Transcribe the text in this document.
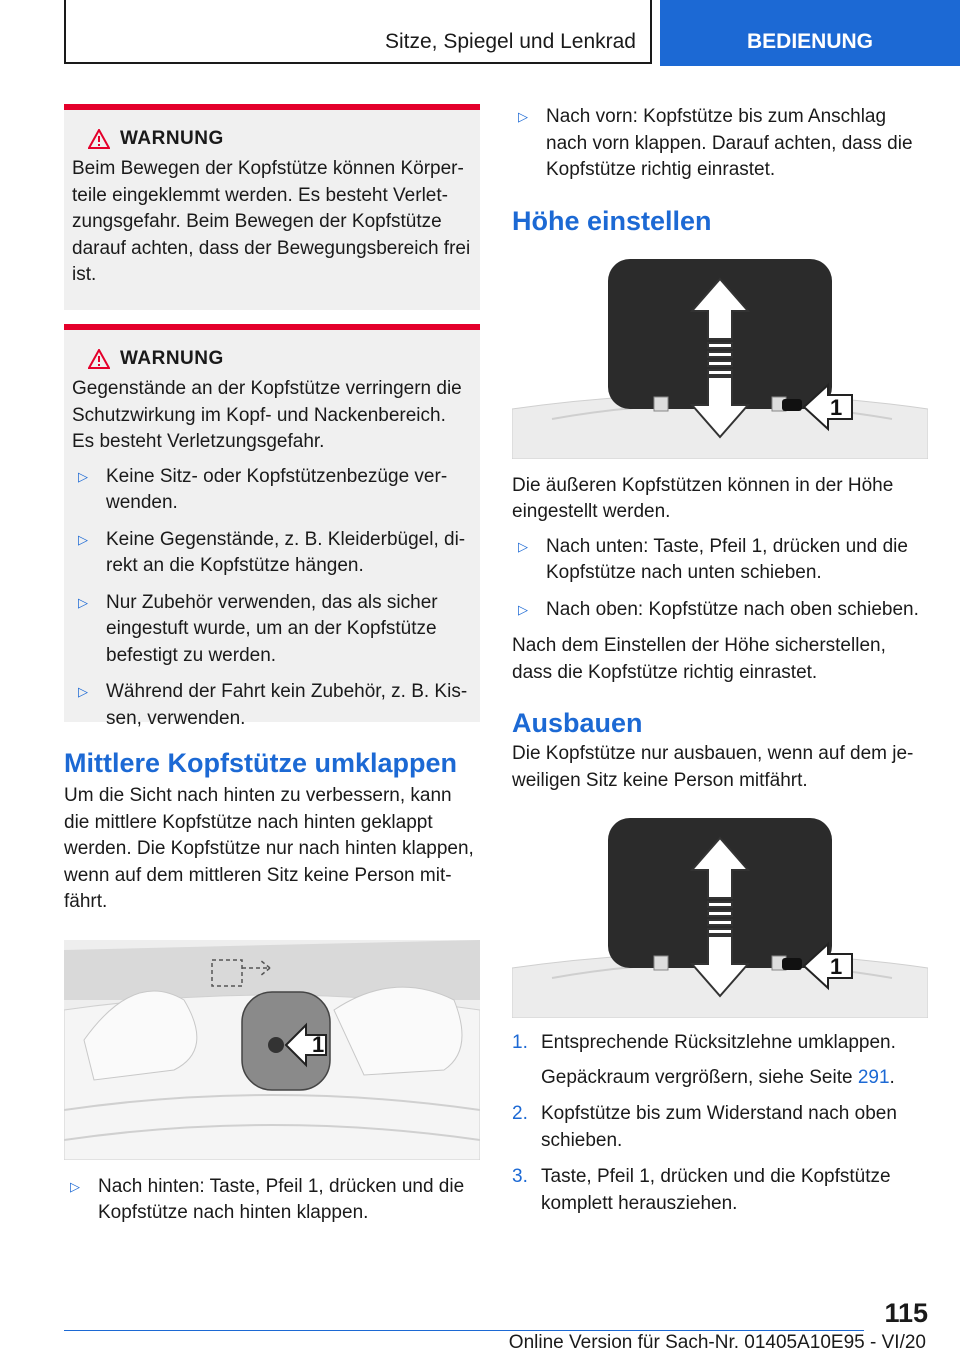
Sitze, Spiegel und Lenkrad	BEDIENUNG
WARNUNG

Beim Bewegen der Kopfstütze können Körperteile eingeklemmt werden. Es besteht Verletzungsgefahr. Beim Bewegen der Kopfstütze darauf achten, dass der Bewegungsbereich frei ist.

WARNUNG

Gegenstände an der Kopfstütze verringern die Schutzwirkung im Kopf- und Nackenbereich. Es besteht Verletzungsgefahr.

▷ Keine Sitz- oder Kopfstützenbezüge verwenden.
▷ Keine Gegenstände, z. B. Kleiderbügel, direkt an die Kopfstütze hängen.
▷ Nur Zubehör verwenden, das als sicher eingestuft wurde, um an der Kopfstütze befestigt zu werden.
▷ Während der Fahrt kein Zubehör, z. B. Kissen, verwenden.
Mittlere Kopfstütze umklappen

Um die Sicht nach hinten zu verbessern, kann die mittlere Kopfstütze nach hinten geklappt werden. Die Kopfstütze nur nach hinten klappen, wenn auf dem mittleren Sitz keine Person mitfährt.

1
▷ Nach hinten: Taste, Pfeil 1, drücken und die Kopfstütze nach hinten klappen.
▷ Nach vorn: Kopfstütze bis zum Anschlag nach vorn klappen. Darauf achten, dass die Kopfstütze richtig einrastet.
Höhe einstellen
1

Die äußeren Kopfstützen können in der Höhe eingestellt werden.

▷ Nach unten: Taste, Pfeil 1, drücken und die Kopfstütze nach unten schieben.
▷ Nach oben: Kopfstütze nach oben schieben.

Nach dem Einstellen der Höhe sicherstellen, dass die Kopfstütze richtig einrastet.

Ausbauen

Die Kopfstütze nur ausbauen, wenn auf dem jeweiligen Sitz keine Person mitfährt.

1
1. Entsprechende Rücksitzlehne umklappen.
Gepäckraum vergrößern, siehe Seite 291.
2. Kopfstütze bis zum Widerstand nach oben schieben.
3. Taste, Pfeil 1, drücken und die Kopfstütze komplett herausziehen.
115
Online Version für Sach-Nr. 01405A10E95 - VI/20
